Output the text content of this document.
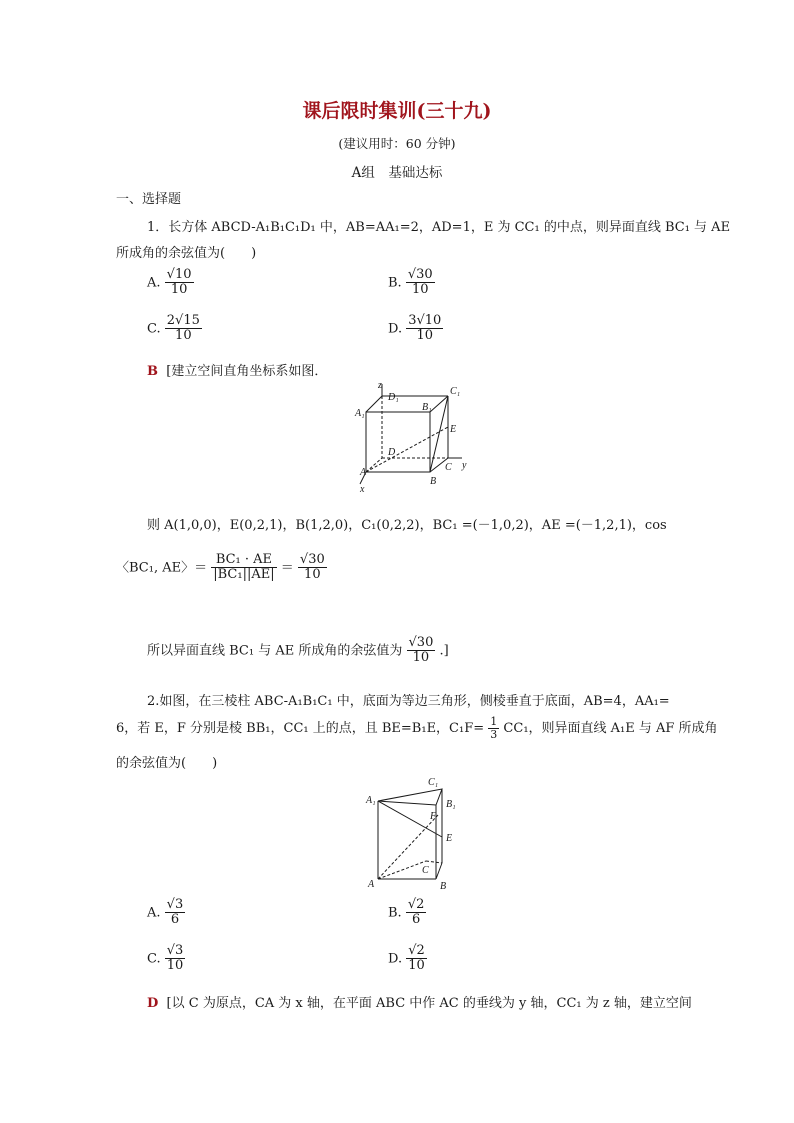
课后限时集训(三十九)
(建议用时：60 分钟)
A组　基础达标
一、选择题
1．长方体 ABCD-A₁B₁C₁D₁ 中，AB=AA₁=2，AD=1，E 为 CC₁ 的中点，则异面直线 BC₁ 与 AE
所成角的余弦值为(　　)
A. $\frac{√10}{10}$	B. $\frac{√30}{10}$
C. $\frac{2√15}{10}$	D. $\frac{3√10}{10}$
B [建立空间直角坐标系如图．
z
D₁
C₁
A₁
B₁
E
D
C y
A
B
x
则 A(1,0,0)，E(0,2,1)，B(1,2,0)，C₁(0,2,2)，BC₁ =(－1,0,2)，AE =(－1,2,1)，cos
〈BC₁, AE〉＝ $\frac{\text{BC₁ · AE}}{\text{|BC₁||AE|}} = \frac{√30}{10}$
所以异面直线 BC₁ 与 AE 所成角的余弦值为 $\frac{√30}{10}$ .]
2.如图，在三棱柱 ABC-A₁B₁C₁ 中，底面为等边三角形，侧棱垂直于底面，AB=4，AA₁=
6，若 E，F 分别是棱 BB₁，CC₁ 上的点，且 BE=B₁E，$C_1F= \frac{1}{3} CC_1$，则异面直线 A₁E 与 AF 所成角
的余弦值为(　　)
C₁
A₁	B₁
F
E
C
A	B
A. $\frac{√3}{6}$	B. $\frac{√2}{6}$
C. $\frac{√3}{10}$	D. $\frac{√2}{10}$
D [以 C 为原点，CA 为 x 轴，在平面 ABC 中作 AC 的垂线为 y 轴，CC₁ 为 z 轴，建立空间
